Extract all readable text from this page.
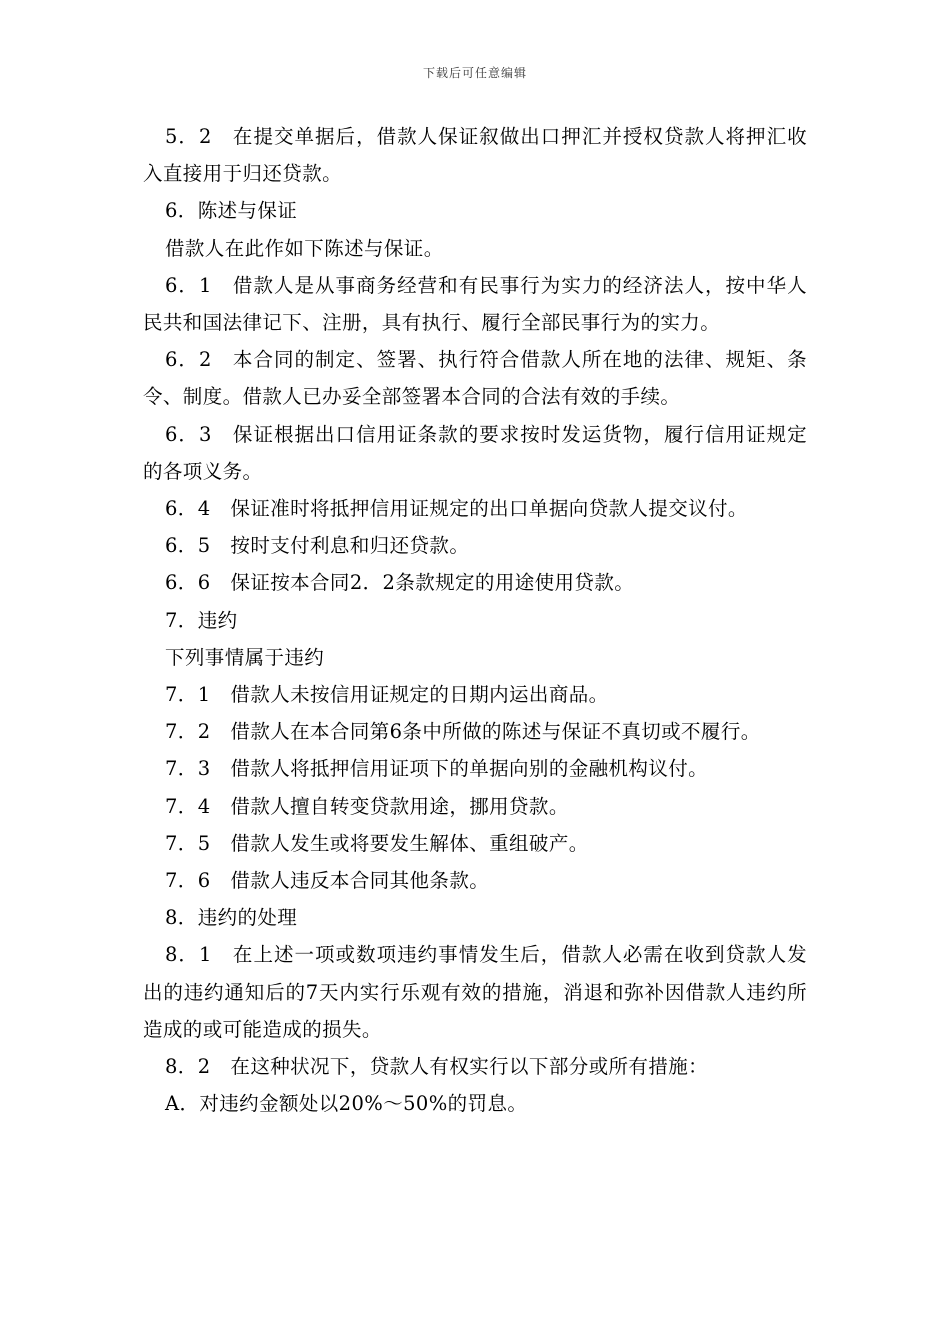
下载后可任意编辑

5．2　在提交单据后，借款人保证叙做出口押汇并授权贷款人将押汇收入直接用于归还贷款。

6．陈述与保证

借款人在此作如下陈述与保证。

6．1　借款人是从事商务经营和有民事行为实力的经济法人，按中华人民共和国法律记下、注册，具有执行、履行全部民事行为的实力。

6．2　本合同的制定、签署、执行符合借款人所在地的法律、规矩、条令、制度。借款人已办妥全部签署本合同的合法有效的手续。

6．3　保证根据出口信用证条款的要求按时发运货物，履行信用证规定的各项义务。

6．4　保证准时将抵押信用证规定的出口单据向贷款人提交议付。

6．5　按时支付利息和归还贷款。

6．6　保证按本合同2．2条款规定的用途使用贷款。

7．违约

下列事情属于违约

7．1　借款人未按信用证规定的日期内运出商品。

7．2　借款人在本合同第6条中所做的陈述与保证不真切或不履行。

7．3　借款人将抵押信用证项下的单据向别的金融机构议付。

7．4　借款人擅自转变贷款用途，挪用贷款。

7．5　借款人发生或将要发生解体、重组破产。

7．6　借款人违反本合同其他条款。

8．违约的处理

8．1　在上述一项或数项违约事情发生后，借款人必需在收到贷款人发出的违约通知后的7天内实行乐观有效的措施，消退和弥补因借款人违约所造成的或可能造成的损失。

8．2　在这种状况下，贷款人有权实行以下部分或所有措施：

A．对违约金额处以20%～50%的罚息。
